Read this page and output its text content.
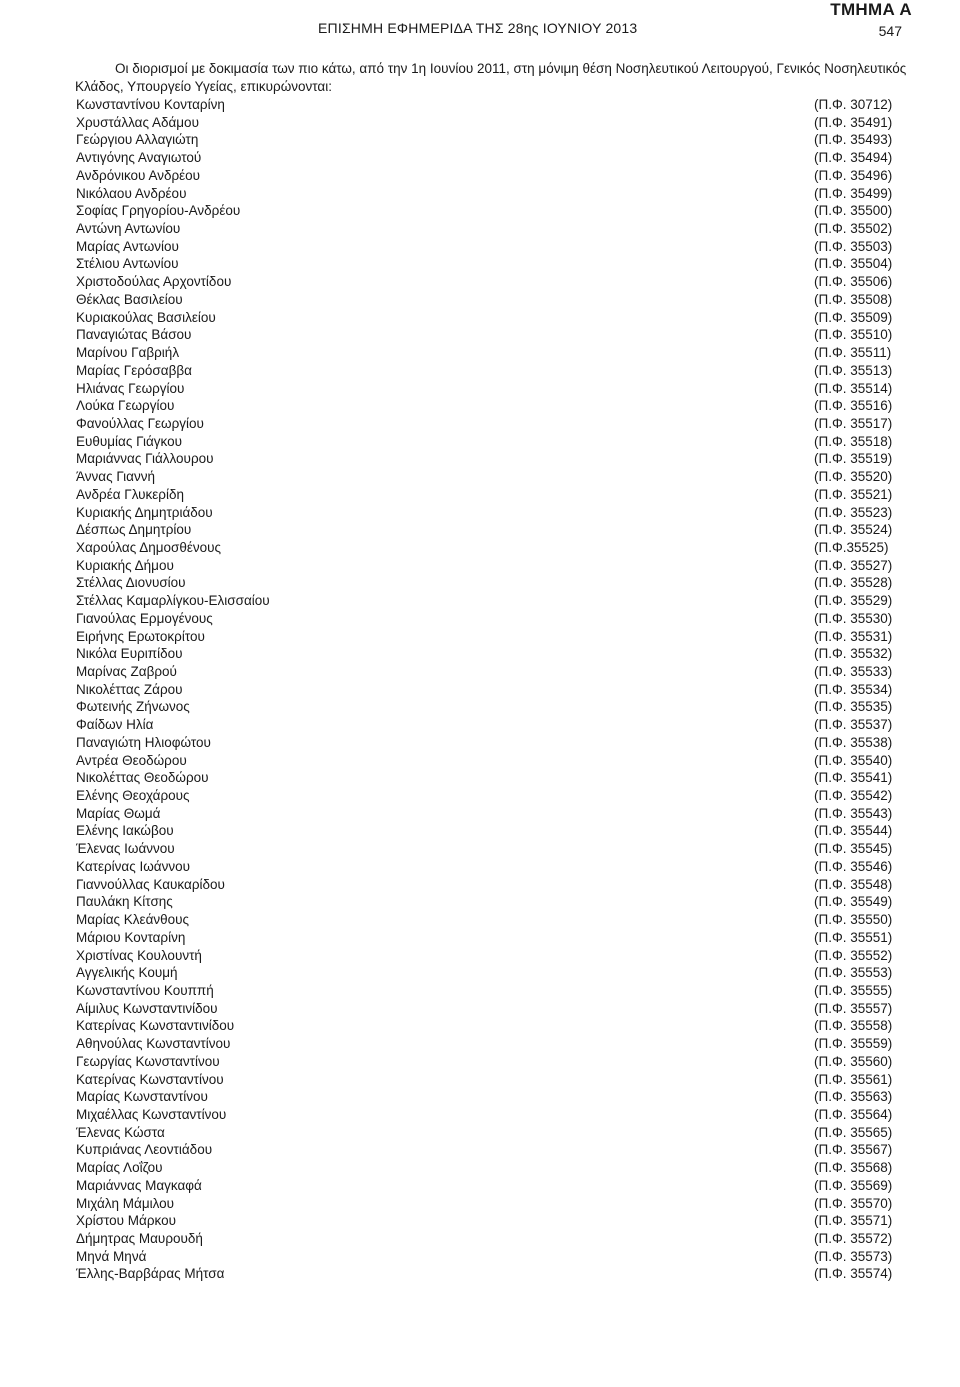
ΤΜΗΜΑ Α
ΕΠΙΣΗΜΗ ΕΦΗΜΕΡΙΔΑ ΤΗΣ 28ης ΙΟΥΝΙΟΥ 2013	547

Οι διορισμοί με δοκιμασία των πιο κάτω, από την 1η Ιουνίου 2011, στη μόνιμη θέση Νοσηλευτικού Λειτουργού, Γενικός Νοσηλευτικός Κλάδος, Υπουργείο Υγείας, επικυρώνονται:

Κωνσταντίνου Κονταρίνη	(Π.Φ. 30712)
Χρυστάλλας Αδάμου	(Π.Φ. 35491)
Γεώργιου Αλλαγιώτη	(Π.Φ. 35493)
Αντιγόνης Αναγιωτού	(Π.Φ. 35494)
Ανδρόνικου Ανδρέου	(Π.Φ. 35496)
Νικόλαου Ανδρέου	(Π.Φ. 35499)
Σοφίας Γρηγορίου-Ανδρέου	(Π.Φ. 35500)
Αντώνη Αντωνίου	(Π.Φ. 35502)
Μαρίας Αντωνίου	(Π.Φ. 35503)
Στέλιου Αντωνίου	(Π.Φ. 35504)
Χριστοδούλας Αρχοντίδου	(Π.Φ. 35506)
Θέκλας Βασιλείου	(Π.Φ. 35508)
Κυριακούλας Βασιλείου	(Π.Φ. 35509)
Παναγιώτας Βάσου	(Π.Φ. 35510)
Μαρίνου Γαβριήλ	(Π.Φ. 35511)
Μαρίας Γερόσαββα	(Π.Φ. 35513)
Ηλιάνας Γεωργίου	(Π.Φ. 35514)
Λούκα Γεωργίου	(Π.Φ. 35516)
Φανούλλας Γεωργίου	(Π.Φ. 35517)
Ευθυμίας Γιάγκου	(Π.Φ. 35518)
Μαριάννας Γιάλλουρου	(Π.Φ. 35519)
Άννας Γιαννή	(Π.Φ. 35520)
Ανδρέα Γλυκερίδη	(Π.Φ. 35521)
Κυριακής Δημητριάδου	(Π.Φ. 35523)
Δέσπως Δημητρίου	(Π.Φ. 35524)
Χαρούλας Δημοσθένους	(Π.Φ.35525)
Κυριακής Δήμου	(Π.Φ. 35527)
Στέλλας Διονυσίου	(Π.Φ. 35528)
Στέλλας Καμαρλίγκου-Ελισσαίου	(Π.Φ. 35529)
Γιανούλας Ερμογένους	(Π.Φ. 35530)
Ειρήνης Ερωτοκρίτου	(Π.Φ. 35531)
Νικόλα Ευριπίδου	(Π.Φ. 35532)
Μαρίνας Ζαβρού	(Π.Φ. 35533)
Νικολέττας Ζάρου	(Π.Φ. 35534)
Φωτεινής Ζήνωνος	(Π.Φ. 35535)
Φαίδων Ηλία	(Π.Φ. 35537)
Παναγιώτη Ηλιοφώτου	(Π.Φ. 35538)
Αντρέα Θεοδώρου	(Π.Φ. 35540)
Νικολέττας Θεοδώρου	(Π.Φ. 35541)
Ελένης Θεοχάρους	(Π.Φ. 35542)
Μαρίας Θωμά	(Π.Φ. 35543)
Ελένης Ιακώβου	(Π.Φ. 35544)
Έλενας Ιωάννου	(Π.Φ. 35545)
Κατερίνας Ιωάννου	(Π.Φ. 35546)
Γιαννούλλας Καυκαρίδου	(Π.Φ. 35548)
Παυλάκη Κίτσης	(Π.Φ. 35549)
Μαρίας Κλεάνθους	(Π.Φ. 35550)
Μάριου Κονταρίνη	(Π.Φ. 35551)
Χριστίνας Κουλουντή	(Π.Φ. 35552)
Αγγελικής Κουμή	(Π.Φ. 35553)
Κωνσταντίνου Κουππή	(Π.Φ. 35555)
Αίμιλυς Κωνσταντινίδου	(Π.Φ. 35557)
Κατερίνας Κωνσταντινίδου	(Π.Φ. 35558)
Αθηνούλας Κωνσταντίνου	(Π.Φ. 35559)
Γεωργίας Κωνσταντίνου	(Π.Φ. 35560)
Κατερίνας Κωνσταντίνου	(Π.Φ. 35561)
Μαρίας Κωνσταντίνου	(Π.Φ. 35563)
Μιχαέλλας Κωνσταντίνου	(Π.Φ. 35564)
Έλενας Κώστα	(Π.Φ. 35565)
Κυπριάνας Λεοντιάδου	(Π.Φ. 35567)
Μαρίας Λοΐζου	(Π.Φ. 35568)
Μαριάννας Μαγκαφά	(Π.Φ. 35569)
Μιχάλη Μάμιλου	(Π.Φ. 35570)
Χρίστου Μάρκου	(Π.Φ. 35571)
Δήμητρας Μαυρουδή	(Π.Φ. 35572)
Μηνά Μηνά	(Π.Φ. 35573)
Έλλης-Βαρβάρας Μήτσα	(Π.Φ. 35574)
